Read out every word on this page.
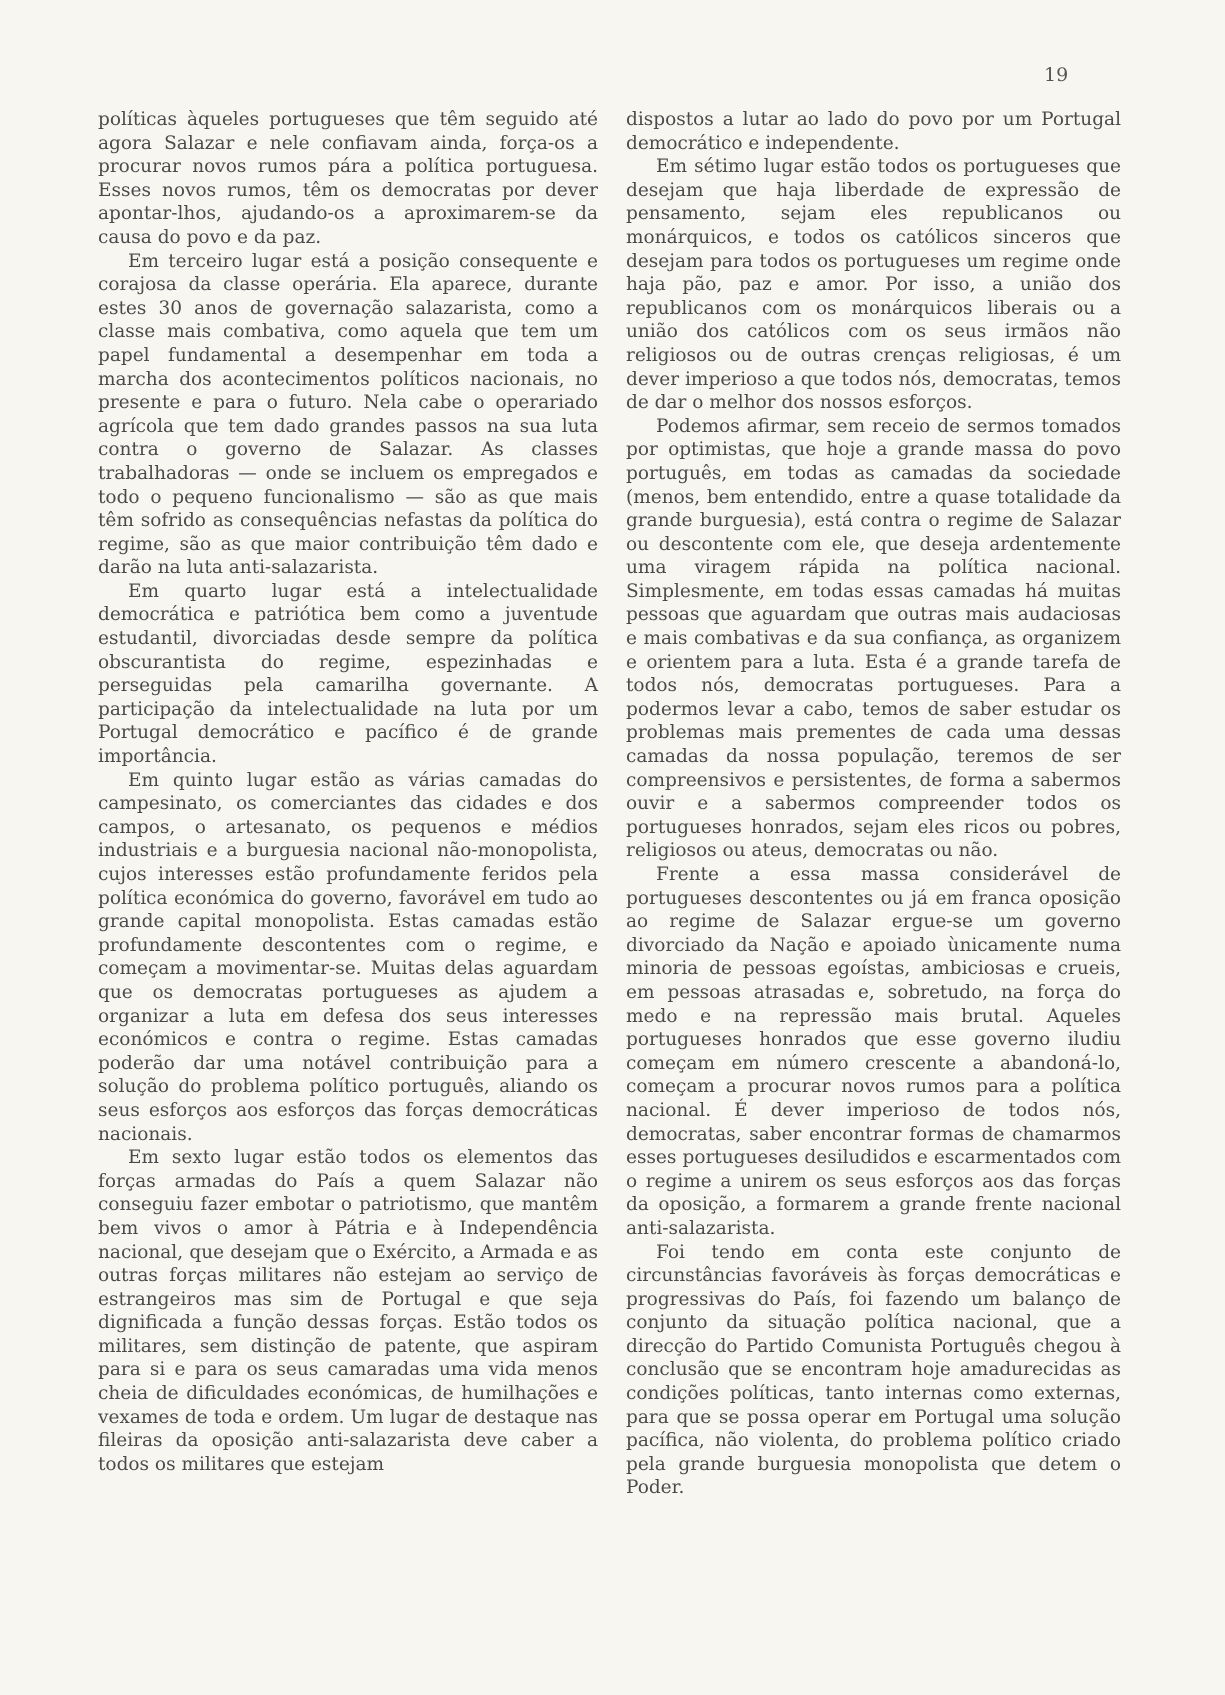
19

políticas àqueles portugueses que têm seguido até agora Salazar e nele confiavam ainda, força-os a procurar novos rumos pára a política portuguesa. Esses novos rumos, têm os democratas por dever apontar-lhos, ajudando-os a aproximarem-se da causa do povo e da paz.

Em terceiro lugar está a posição consequente e corajosa da classe operária. Ela aparece, durante estes 30 anos de governação salazarista, como a classe mais combativa, como aquela que tem um papel fundamental a desempenhar em toda a marcha dos acontecimentos políticos nacionais, no presente e para o futuro. Nela cabe o operariado agrícola que tem dado grandes passos na sua luta contra o governo de Salazar. As classes trabalhadoras — onde se incluem os empregados e todo o pequeno funcionalismo — são as que mais têm sofrido as consequências nefastas da política do regime, são as que maior contribuição têm dado e darão na luta anti-salazarista.

Em quarto lugar está a intelectualidade democrática e patriótica bem como a juventude estudantil, divorciadas desde sempre da política obscurantista do regime, espezinhadas e perseguidas pela camarilha governante. A participação da intelectualidade na luta por um Portugal democrático e pacífico é de grande importância.

Em quinto lugar estão as várias camadas do campesinato, os comerciantes das cidades e dos campos, o artesanato, os pequenos e médios industriais e a burguesia nacional não-monopolista, cujos interesses estão profundamente feridos pela política económica do governo, favorável em tudo ao grande capital monopolista. Estas camadas estão profundamente descontentes com o regime, e começam a movimentar-se. Muitas delas aguardam que os democratas portugueses as ajudem a organizar a luta em defesa dos seus interesses económicos e contra o regime. Estas camadas poderão dar uma notável contribuição para a solução do problema político português, aliando os seus esforços aos esforços das forças democráticas nacionais.

Em sexto lugar estão todos os elementos das forças armadas do País a quem Salazar não conseguiu fazer embotar o patriotismo, que mantêm bem vivos o amor à Pátria e à Independência nacional, que desejam que o Exército, a Armada e as outras forças militares não estejam ao serviço de estrangeiros mas sim de Portugal e que seja dignificada a função dessas forças. Estão todos os militares, sem distinção de patente, que aspiram para si e para os seus camaradas uma vida menos cheia de dificuldades económicas, de humilhações e vexames de toda e ordem. Um lugar de destaque nas fileiras da oposição anti-salazarista deve caber a todos os militares que estejam

dispostos a lutar ao lado do povo por um Portugal democrático e independente.

Em sétimo lugar estão todos os portugueses que desejam que haja liberdade de expressão de pensamento, sejam eles republicanos ou monárquicos, e todos os católicos sinceros que desejam para todos os portugueses um regime onde haja pão, paz e amor. Por isso, a união dos republicanos com os monárquicos liberais ou a união dos católicos com os seus irmãos não religiosos ou de outras crenças religiosas, é um dever imperioso a que todos nós, democratas, temos de dar o melhor dos nossos esforços.

Podemos afirmar, sem receio de sermos tomados por optimistas, que hoje a grande massa do povo português, em todas as camadas da sociedade (menos, bem entendido, entre a quase totalidade da grande burguesia), está contra o regime de Salazar ou descontente com ele, que deseja ardentemente uma viragem rápida na política nacional. Simplesmente, em todas essas camadas há muitas pessoas que aguardam que outras mais audaciosas e mais combativas e da sua confiança, as organizem e orientem para a luta. Esta é a grande tarefa de todos nós, democratas portugueses. Para a podermos levar a cabo, temos de saber estudar os problemas mais prementes de cada uma dessas camadas da nossa população, teremos de ser compreensivos e persistentes, de forma a sabermos ouvir e a sabermos compreender todos os portugueses honrados, sejam eles ricos ou pobres, religiosos ou ateus, democratas ou não.

Frente a essa massa considerável de portugueses descontentes ou já em franca oposição ao regime de Salazar ergue-se um governo divorciado da Nação e apoiado ùnicamente numa minoria de pessoas egoístas, ambiciosas e crueis, em pessoas atrasadas e, sobretudo, na força do medo e na repressão mais brutal. Aqueles portugueses honrados que esse governo iludiu começam em número crescente a abandoná-lo, começam a procurar novos rumos para a política nacional. É dever imperioso de todos nós, democratas, saber encontrar formas de chamarmos esses portugueses desiludidos e escarmentados com o regime a unirem os seus esforços aos das forças da oposição, a formarem a grande frente nacional anti-salazarista.

Foi tendo em conta este conjunto de circunstâncias favoráveis às forças democráticas e progressivas do País, foi fazendo um balanço de conjunto da situação política nacional, que a direcção do Partido Comunista Português chegou à conclusão que se encontram hoje amadurecidas as condições políticas, tanto internas como externas, para que se possa operar em Portugal uma solução pacífica, não violenta, do problema político criado pela grande burguesia monopolista que detem o Poder.
